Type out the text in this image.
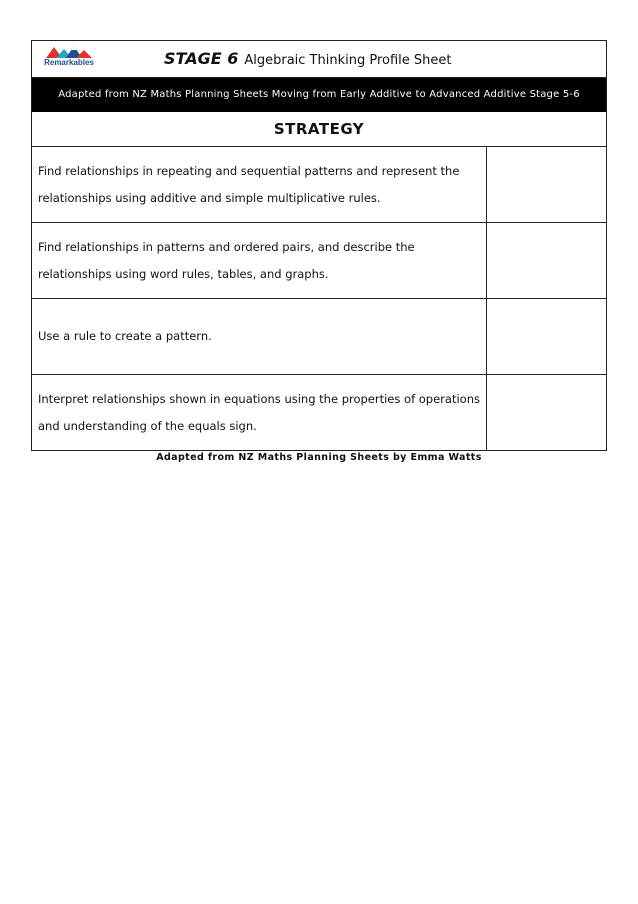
Remarkables	STAGE 6 Algebraic Thinking Profile Sheet
Adapted from NZ Maths Planning Sheets Moving from Early Additive to Advanced Additive Stage 5-6
STRATEGY
Find relationships in repeating and sequential patterns and represent the relationships using additive and simple multiplicative rules.
Find relationships in patterns and ordered pairs, and describe the relationships using word rules, tables, and graphs.
Use a rule to create a pattern.
Interpret relationships shown in equations using the properties of operations and understanding of the equals sign.
Adapted from NZ Maths Planning Sheets by Emma Watts
